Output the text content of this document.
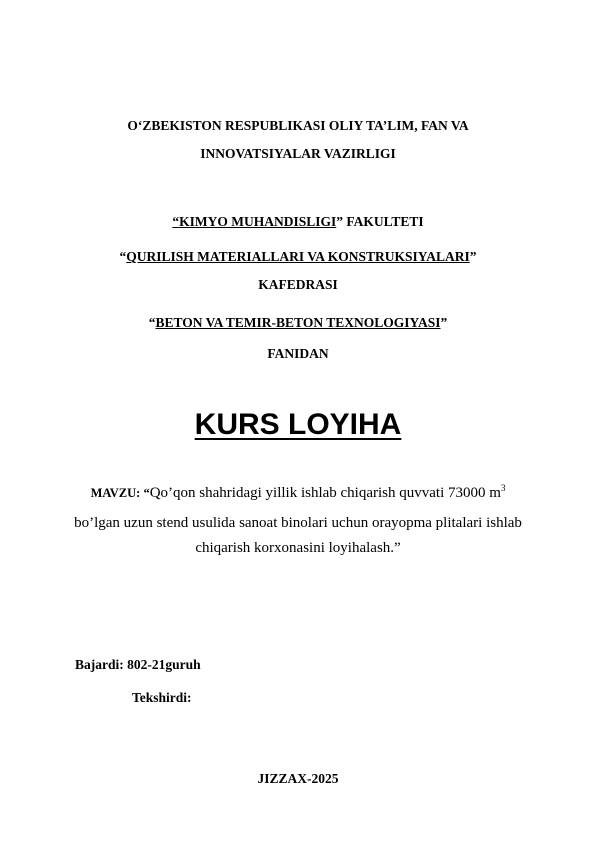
O‘ZBEKISTON RESPUBLIKASI OLIY TA’LIM, FAN VA
INNOVATSIYALAR VAZIRLIGI
“KIMYO MUHANDISLIGI” FAKULTETI
“QURILISH MATERIALLARI VA KONSTRUKSIYALARI”
KAFEDRASI
“BETON VA TEMIR-BETON TEXNOLOGIYASI”
FANIDAN
KURS LOYIHA
MAVZU: “Qo’qon shahridagi yillik ishlab chiqarish quvvati 73000 $m^3$
bo’lgan uzun stend usulida sanoat binolari uchun orayopma plitalari ishlab
chiqarish korxonasini loyihalash.”
Bajardi: 802-21guruh
Tekshirdi:
JIZZAX-2025
